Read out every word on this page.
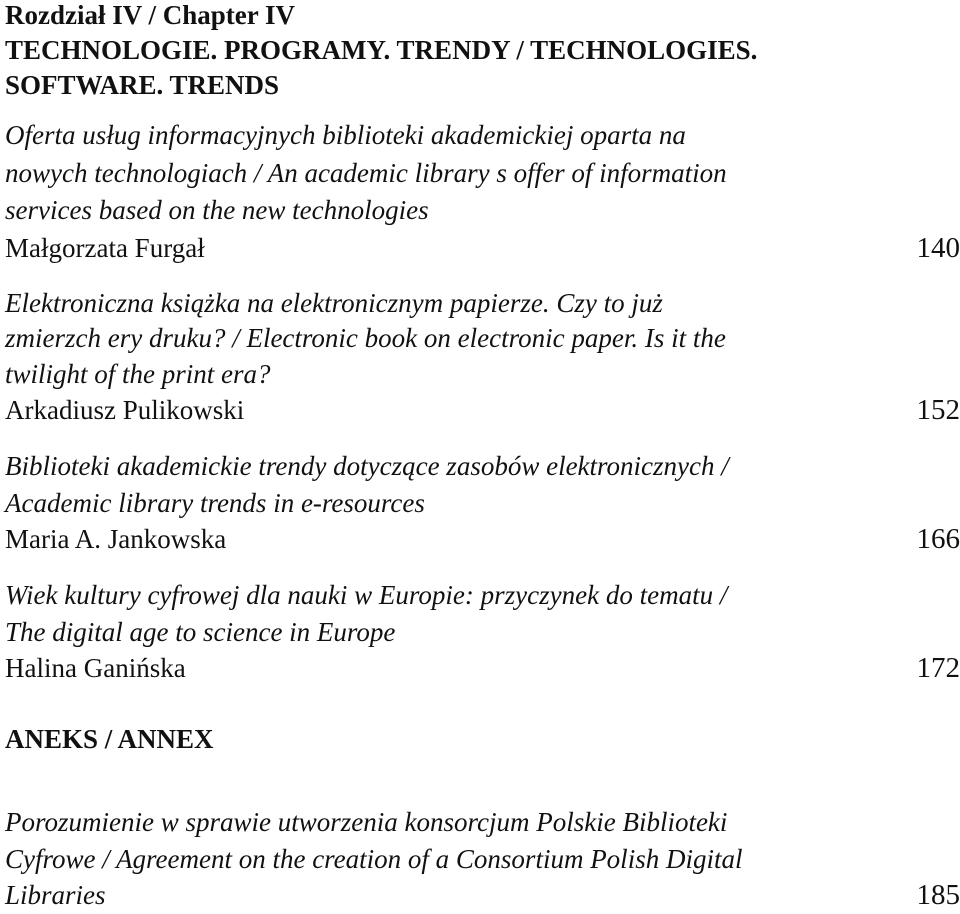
Rozdział IV / Chapter IV
TECHNOLOGIE. PROGRAMY. TRENDY / TECHNOLOGIES.
SOFTWARE. TRENDS
Oferta usług informacyjnych biblioteki akademickiej oparta na
nowych technologiach / An academic library s offer of information
services based on the new technologies
Małgorzata Furgał	140
Elektroniczna książka na elektronicznym papierze. Czy to już
zmierzch ery druku? / Electronic book on electronic paper. Is it the
twilight of the print era?
Arkadiusz Pulikowski	152
Biblioteki akademickie trendy dotyczące zasobów elektronicznych /
Academic library trends in e-resources
Maria A. Jankowska	166
Wiek kultury cyfrowej dla nauki w Europie: przyczynek do tematu /
The digital age to science in Europe
Halina Ganińska	172
ANEKS / ANNEX
Porozumienie w sprawie utworzenia konsorcjum Polskie Biblioteki
Cyfrowe / Agreement on the creation of a Consortium Polish Digital
Libraries	185
